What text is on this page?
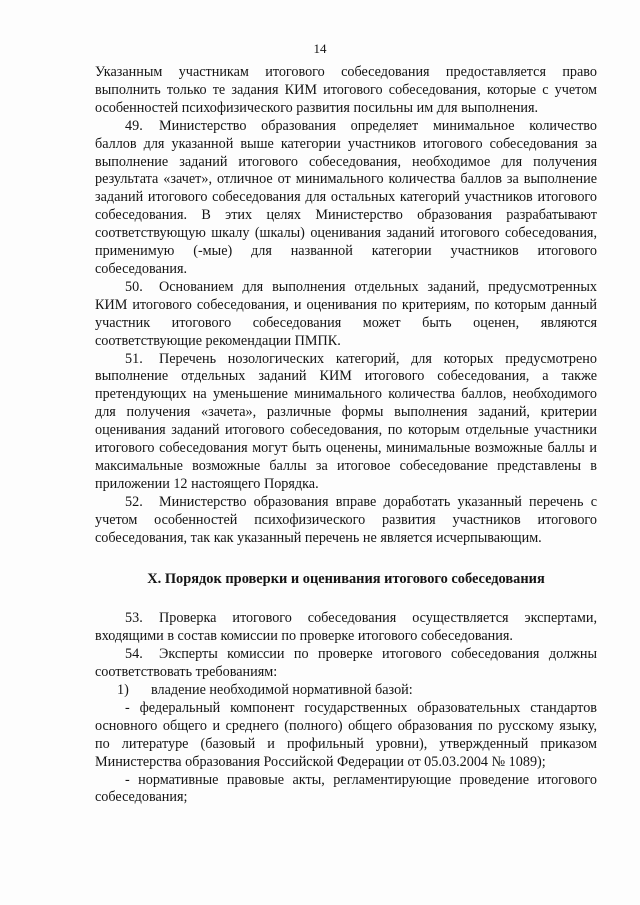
14

Указанным участникам итогового собеседования предоставляется право выполнить только те задания КИМ итогового собеседования, которые с учетом особенностей психофизического развития посильны им для выполнения.

49. Министерство образования определяет минимальное количество баллов для указанной выше категории участников итогового собеседования за выполнение заданий итогового собеседования, необходимое для получения результата «зачет», отличное от минимального количества баллов за выполнение заданий итогового собеседования для остальных категорий участников итогового собеседования. В этих целях Министерство образования разрабатывают соответствующую шкалу (шкалы) оценивания заданий итогового собеседования, применимую (-мые) для названной категории участников итогового собеседования.

50. Основанием для выполнения отдельных заданий, предусмотренных КИМ итогового собеседования, и оценивания по критериям, по которым данный участник итогового собеседования может быть оценен, являются соответствующие рекомендации ПМПК.

51. Перечень нозологических категорий, для которых предусмотрено выполнение отдельных заданий КИМ итогового собеседования, а также претендующих на уменьшение минимального количества баллов, необходимого для получения «зачета», различные формы выполнения заданий, критерии оценивания заданий итогового собеседования, по которым отдельные участники итогового собеседования могут быть оценены, минимальные возможные баллы и максимальные возможные баллы за итоговое собеседование представлены в приложении 12 настоящего Порядка.

52. Министерство образования вправе доработать указанный перечень с учетом особенностей психофизического развития участников итогового собеседования, так как указанный перечень не является исчерпывающим.

X. Порядок проверки и оценивания итогового собеседования

53. Проверка итогового собеседования осуществляется экспертами, входящими в состав комиссии по проверке итогового собеседования.

54. Эксперты комиссии по проверке итогового собеседования должны соответствовать требованиям:

1) владение необходимой нормативной базой:

- федеральный компонент государственных образовательных стандартов основного общего и среднего (полного) общего образования по русскому языку, по литературе (базовый и профильный уровни), утвержденный приказом Министерства образования Российской Федерации от 05.03.2004 № 1089);

- нормативные правовые акты, регламентирующие проведение итогового собеседования;
